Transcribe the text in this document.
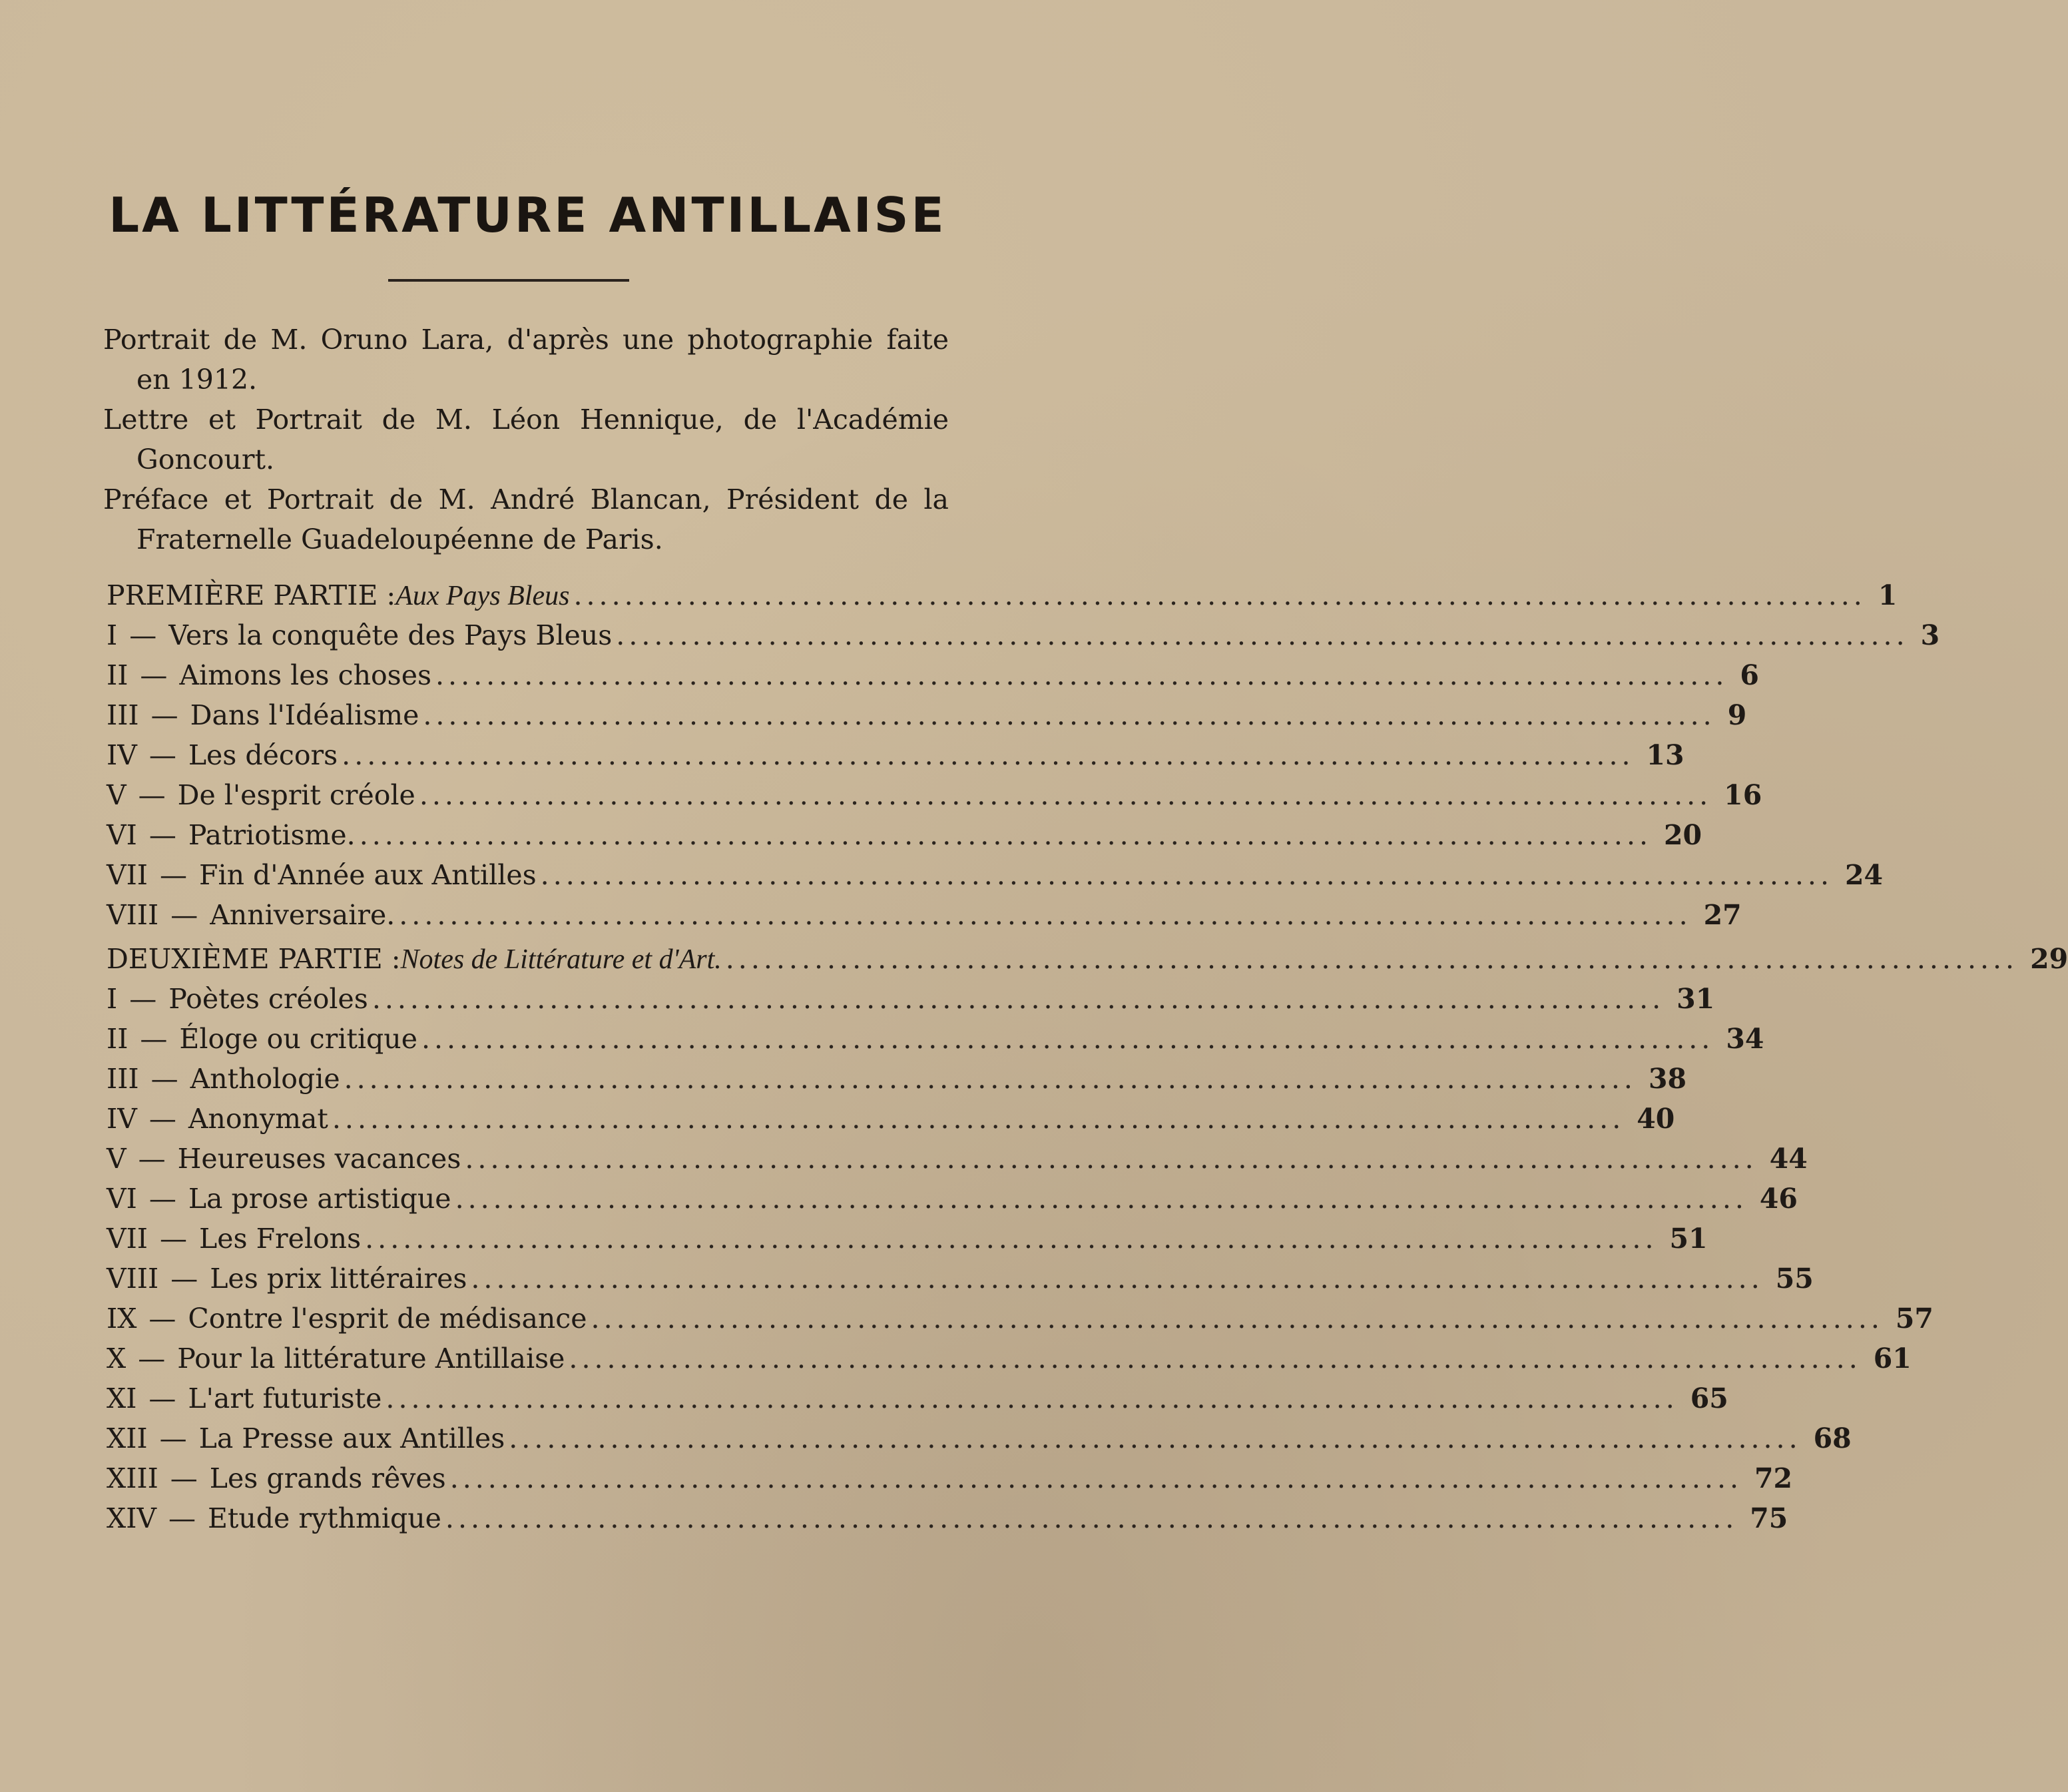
LA LITTÉRATURE ANTILLAISE

Portrait de M. Oruno Lara, d'après une photographie faite en 1912.

Lettre et Portrait de M. Léon Hennique, de l'Académie Goncourt.

Préface et Portrait de M. André Blancan, Président de la Fraternelle Guadeloupéenne de Paris.

PREMIÈRE PARTIE : Aux Pays Bleus ...................................................................................................... 1
I — Vers la conquête des Pays Bleus ...................................................................................................... 3
II — Aimons les choses ...................................................................................................... 6
III — Dans l'Idéalisme ...................................................................................................... 9
IV — Les décors ...................................................................................................... 13
V — De l'esprit créole ...................................................................................................... 16
VI — Patriotisme. ...................................................................................................... 20
VII — Fin d'Année aux Antilles ...................................................................................................... 24
VIII — Anniversaire. ...................................................................................................... 27
DEUXIÈME PARTIE : Notes de Littérature et d'Art. ...................................................................................................... 29
I — Poètes créoles ...................................................................................................... 31
II — Éloge ou critique ...................................................................................................... 34
III — Anthologie ...................................................................................................... 38
IV — Anonymat ...................................................................................................... 40
V — Heureuses vacances ...................................................................................................... 44
VI — La prose artistique ...................................................................................................... 46
VII — Les Frelons ...................................................................................................... 51
VIII — Les prix littéraires ...................................................................................................... 55
IX — Contre l'esprit de médisance ...................................................................................................... 57
X — Pour la littérature Antillaise ...................................................................................................... 61
XI — L'art futuriste ...................................................................................................... 65
XII — La Presse aux Antilles ...................................................................................................... 68
XIII — Les grands rêves ...................................................................................................... 72
XIV — Etude rythmique ...................................................................................................... 75
